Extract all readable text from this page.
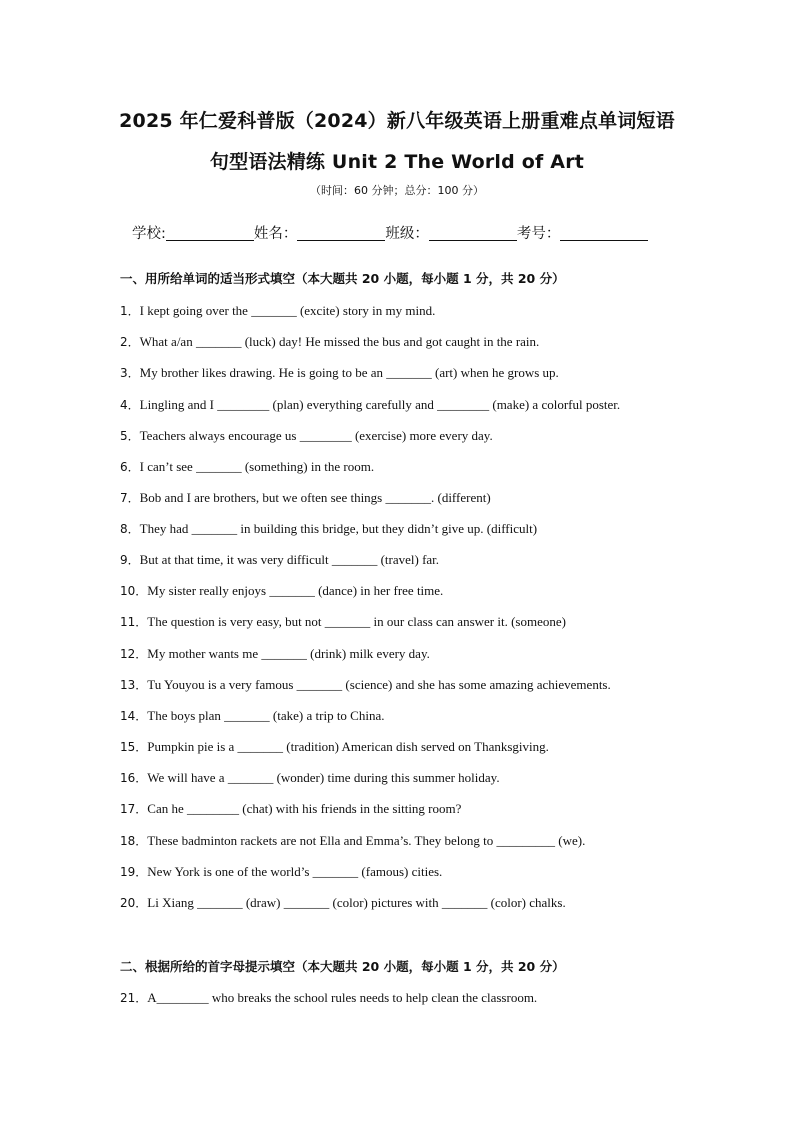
2025 年仁爱科普版（2024）新八年级英语上册重难点单词短语
句型语法精练 Unit 2 The World of Art
（时间：60 分钟；总分：100 分）
学校:	姓名：	班级：	考号：
一、用所给单词的适当形式填空（本大题共 20 小题，每小题 1 分，共 20 分）
1．I kept going over the _______ (excite) story in my mind.
2．What a/an _______ (luck) day! He missed the bus and got caught in the rain.
3．My brother likes drawing. He is going to be an _______ (art) when he grows up.
4．Lingling and I ________ (plan) everything carefully and ________ (make) a colorful poster.
5．Teachers always encourage us ________ (exercise) more every day.
6．I can’t see _______ (something) in the room.
7．Bob and I are brothers, but we often see things _______. (different)
8．They had _______ in building this bridge, but they didn’t give up. (difficult)
9．But at that time, it was very difficult _______ (travel) far.
10．My sister really enjoys _______ (dance) in her free time.
11．The question is very easy, but not _______ in our class can answer it. (someone)
12．My mother wants me _______ (drink) milk every day.
13．Tu Youyou is a very famous _______ (science) and she has some amazing achievements.
14．The boys plan _______ (take) a trip to China.
15．Pumpkin pie is a _______ (tradition) American dish served on Thanksgiving.
16．We will have a _______ (wonder) time during this summer holiday.
17．Can he ________ (chat) with his friends in the sitting room?
18．These badminton rackets are not Ella and Emma’s. They belong to _________ (we).
19．New York is one of the world’s _______ (famous) cities.
20．Li Xiang _______ (draw) _______ (color) pictures with _______ (color) chalks.
二、根据所给的首字母提示填空（本大题共 20 小题，每小题 1 分，共 20 分）
21．A________ who breaks the school rules needs to help clean the classroom.
